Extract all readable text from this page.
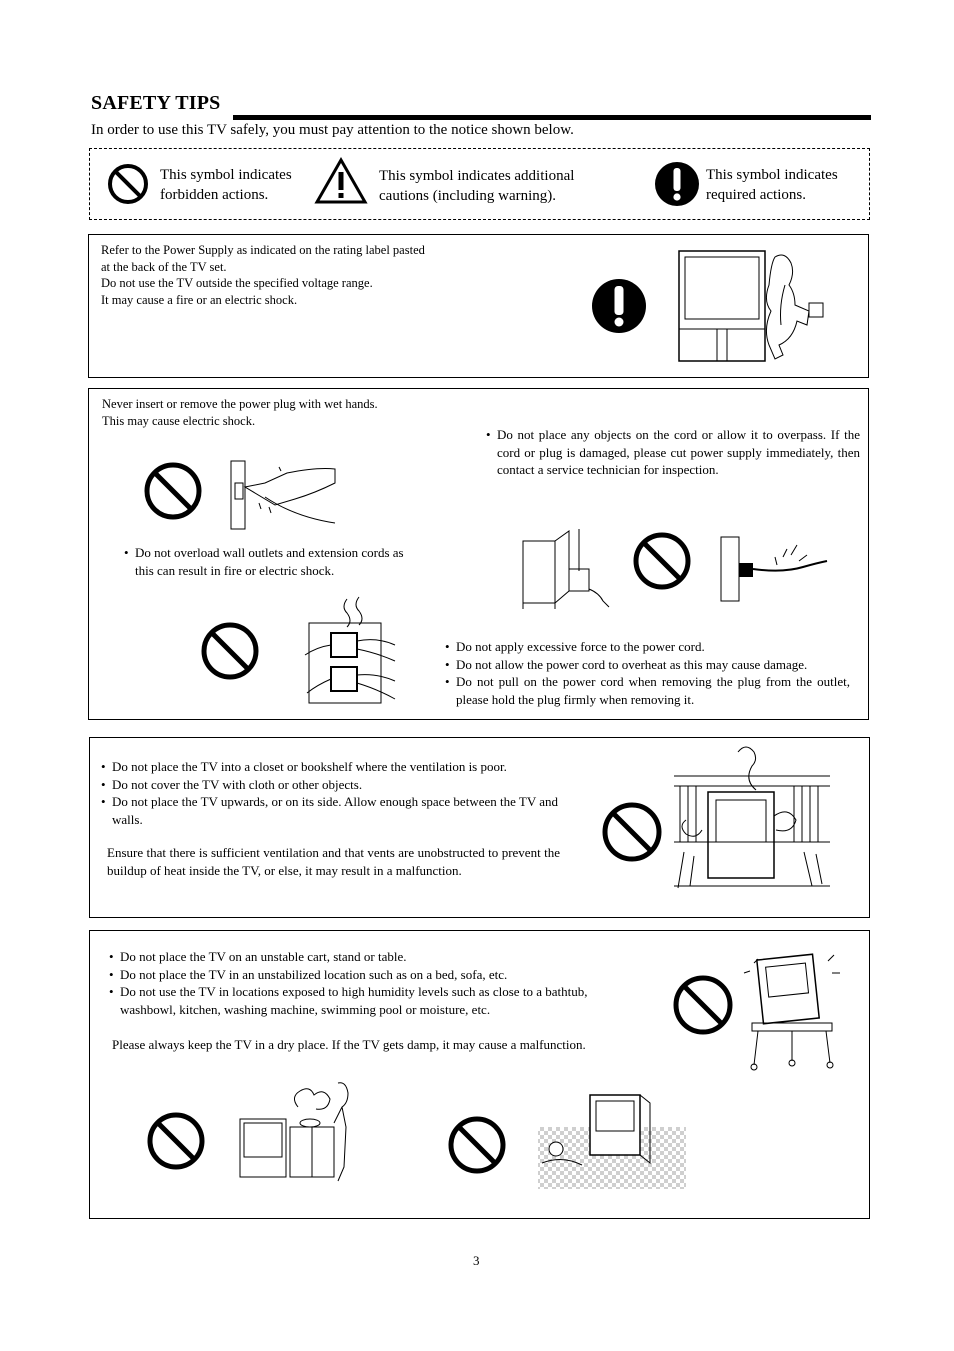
SAFETY TIPS
In order to use this TV safely, you must pay attention to the notice shown below.
This symbol indicates
forbidden actions.
This symbol indicates additional
cautions (including warning).
This symbol indicates
required actions.
Refer to the Power Supply as indicated on the rating label pasted
at the back of the TV set.
Do not use the TV outside the specified voltage range.
It may cause a fire or an electric shock.
Never insert or remove the power plug with wet hands.
This may cause electric shock.
• Do not overload wall outlets and extension cords as this can result in fire or electric shock.
• Do not place any objects on the cord or allow it to overpass. If the cord or plug is damaged, please cut power supply immediately, then contact a service technician for inspection.
• Do not apply excessive force to the power cord.
• Do not allow the power cord to overheat as this may cause damage.
• Do not pull on the power cord when removing the plug from the outlet, please hold the plug firmly when removing it.
• Do not place the TV into a closet or bookshelf where the ventilation is poor.
• Do not cover the TV with cloth or other objects.
• Do not place the TV upwards, or on its side. Allow enough space between the TV and walls.
Ensure that there is sufficient ventilation and that vents are unobstructed to prevent the buildup of heat inside the TV, or else, it may result in a malfunction.
• Do not place the TV on an unstable cart, stand or table.
• Do not place the TV in an unstabilized location such as on a bed, sofa, etc.
• Do not use the TV in locations exposed to high humidity levels such as close to a bathtub, washbowl, kitchen, washing machine, swimming pool or moisture, etc.
Please always keep the TV in a dry place. If the TV gets damp, it may cause a malfunction.
3
